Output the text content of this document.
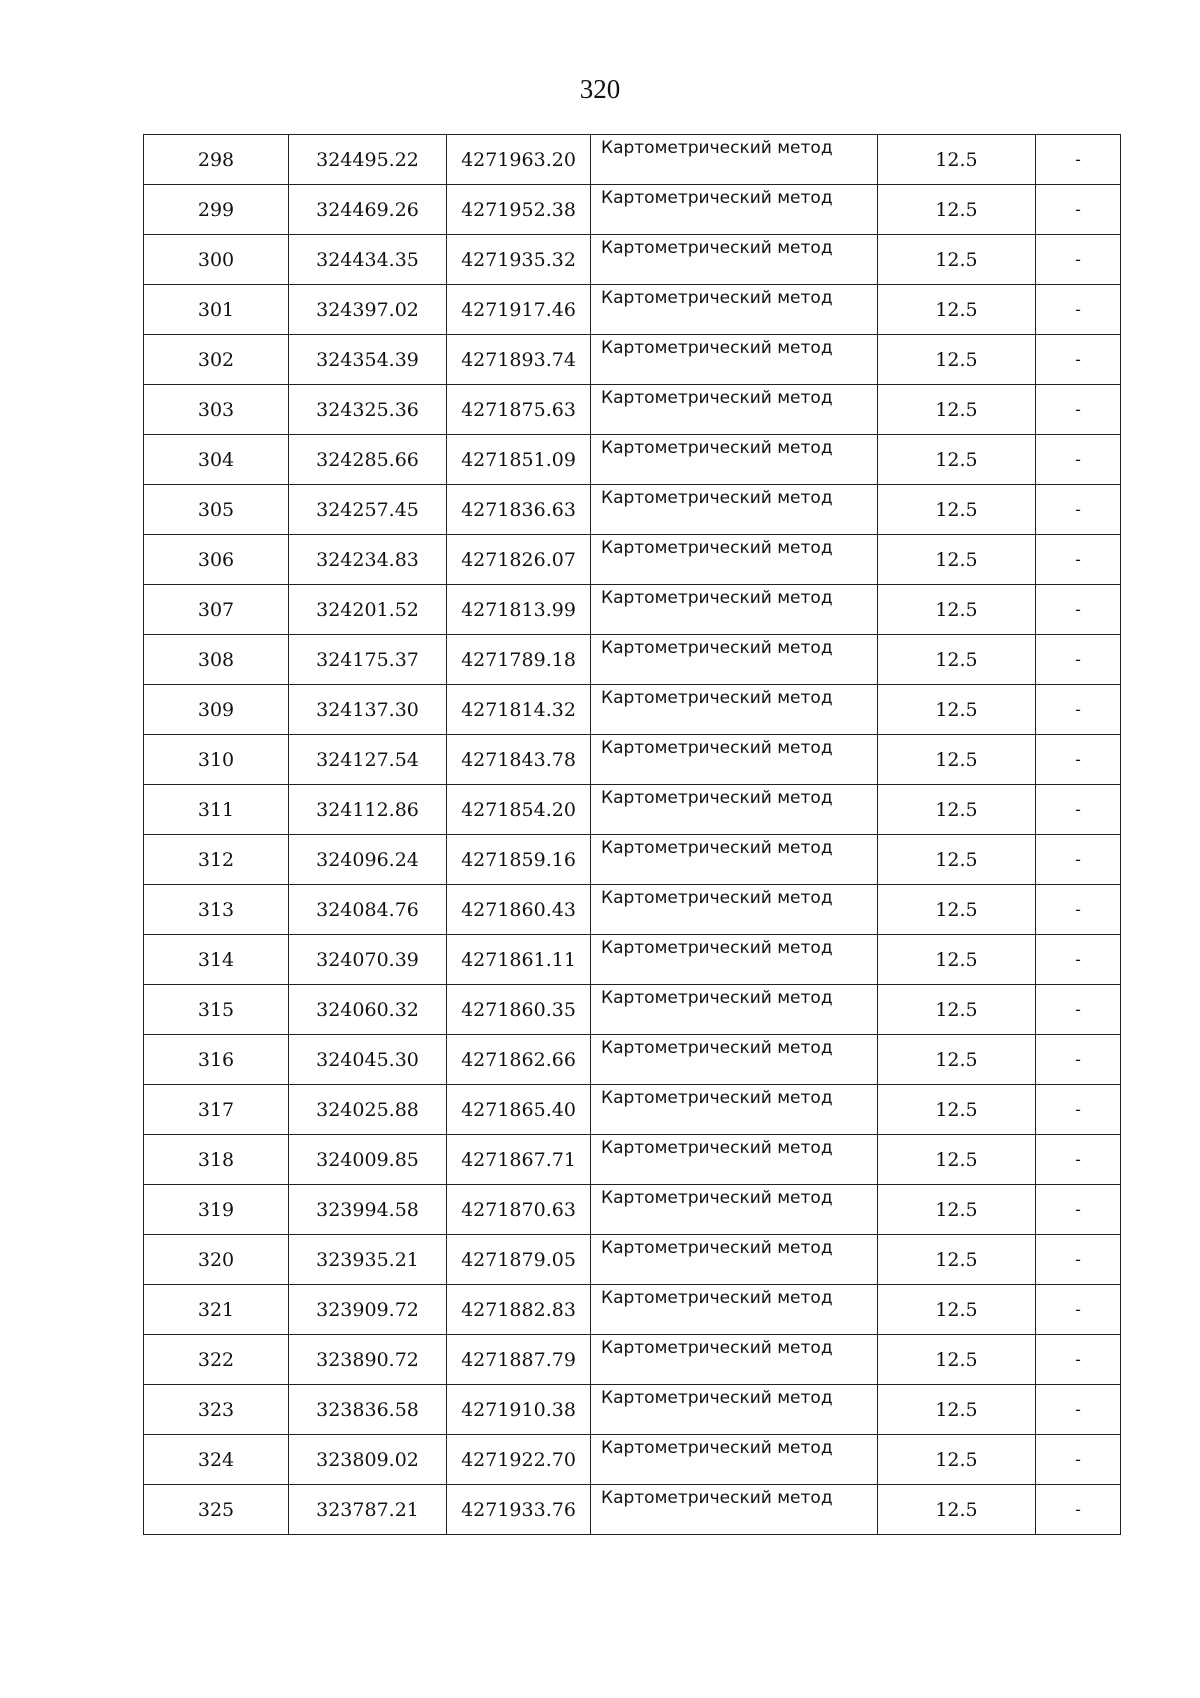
320
298	324495.22	4271963.20	Картометрический метод	12.5	-
299	324469.26	4271952.38	Картометрический метод	12.5	-
300	324434.35	4271935.32	Картометрический метод	12.5	-
301	324397.02	4271917.46	Картометрический метод	12.5	-
302	324354.39	4271893.74	Картометрический метод	12.5	-
303	324325.36	4271875.63	Картометрический метод	12.5	-
304	324285.66	4271851.09	Картометрический метод	12.5	-
305	324257.45	4271836.63	Картометрический метод	12.5	-
306	324234.83	4271826.07	Картометрический метод	12.5	-
307	324201.52	4271813.99	Картометрический метод	12.5	-
308	324175.37	4271789.18	Картометрический метод	12.5	-
309	324137.30	4271814.32	Картометрический метод	12.5	-
310	324127.54	4271843.78	Картометрический метод	12.5	-
311	324112.86	4271854.20	Картометрический метод	12.5	-
312	324096.24	4271859.16	Картометрический метод	12.5	-
313	324084.76	4271860.43	Картометрический метод	12.5	-
314	324070.39	4271861.11	Картометрический метод	12.5	-
315	324060.32	4271860.35	Картометрический метод	12.5	-
316	324045.30	4271862.66	Картометрический метод	12.5	-
317	324025.88	4271865.40	Картометрический метод	12.5	-
318	324009.85	4271867.71	Картометрический метод	12.5	-
319	323994.58	4271870.63	Картометрический метод	12.5	-
320	323935.21	4271879.05	Картометрический метод	12.5	-
321	323909.72	4271882.83	Картометрический метод	12.5	-
322	323890.72	4271887.79	Картометрический метод	12.5	-
323	323836.58	4271910.38	Картометрический метод	12.5	-
324	323809.02	4271922.70	Картометрический метод	12.5	-
325	323787.21	4271933.76	Картометрический метод	12.5	-
